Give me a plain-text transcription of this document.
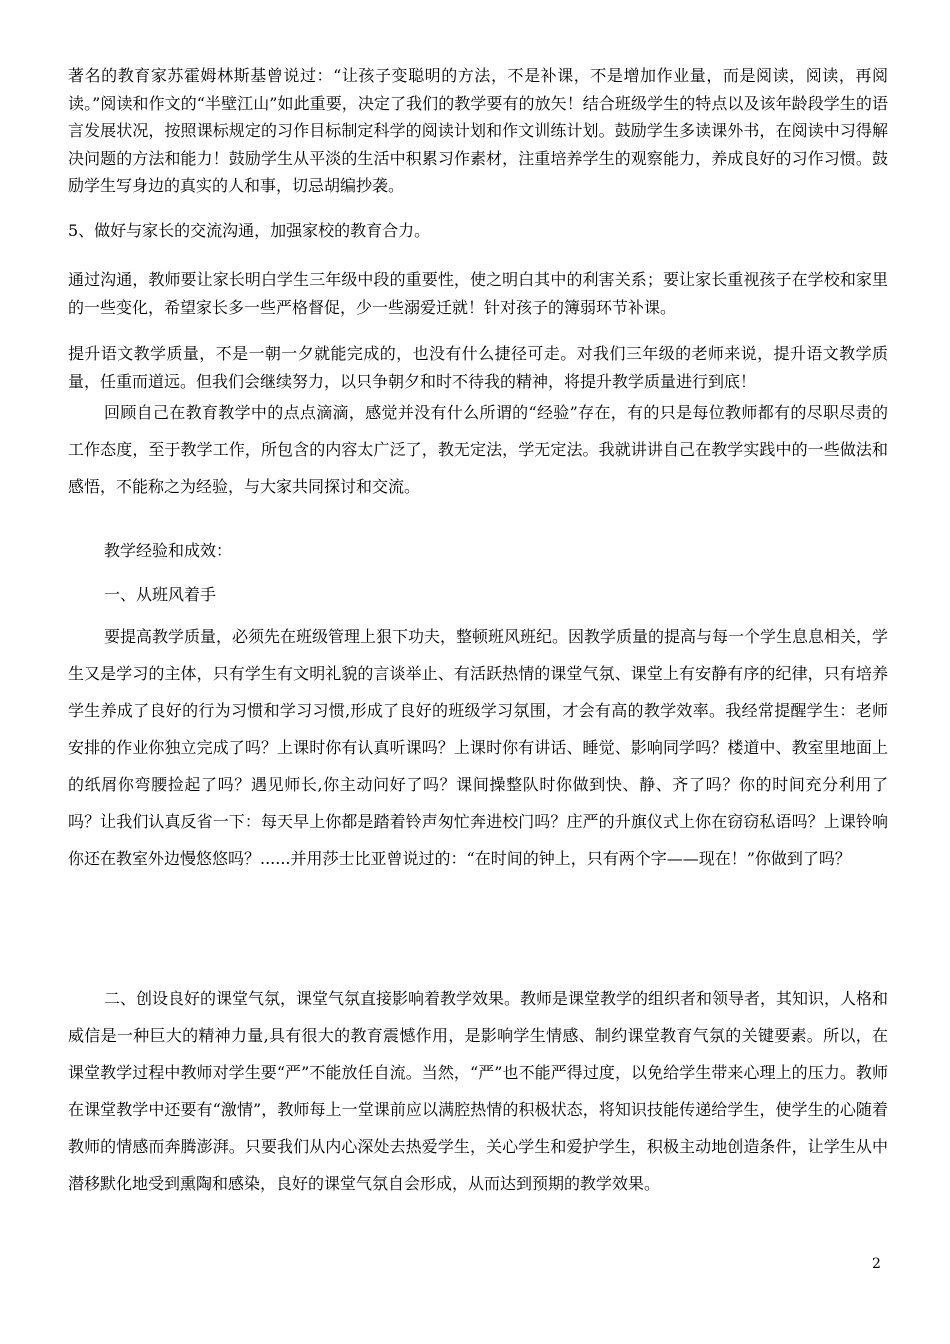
著名的教育家苏霍姆林斯基曾说过：“让孩子变聪明的方法，不是补课，不是增加作业量，而是阅读，阅读，再阅读。”阅读和作文的“半壁江山”如此重要，决定了我们的教学要有的放矢！结合班级学生的特点以及该年龄段学生的语言发展状况，按照课标规定的习作目标制定科学的阅读计划和作文训练计划。鼓励学生多读课外书，在阅读中习得解决问题的方法和能力！鼓励学生从平淡的生活中积累习作素材，注重培养学生的观察能力，养成良好的习作习惯。鼓励学生写身边的真实的人和事，切忌胡编抄袭。

5、做好与家长的交流沟通，加强家校的教育合力。

通过沟通，教师要让家长明白学生三年级中段的重要性，使之明白其中的利害关系；要让家长重视孩子在学校和家里的一些变化，希望家长多一些严格督促，少一些溺爱迁就！针对孩子的簿弱环节补课。

提升语文教学质量，不是一朝一夕就能完成的，也没有什么捷径可走。对我们三年级的老师来说，提升语文教学质量，任重而道远。但我们会继续努力，以只争朝夕和时不待我的精神，将提升教学质量进行到底！

回顾自己在教育教学中的点点滴滴，感觉并没有什么所谓的“经验”存在，有的只是每位教师都有的尽职尽责的工作态度，至于教学工作，所包含的内容太广泛了，教无定法，学无定法。我就讲讲自己在教学实践中的一些做法和感悟，不能称之为经验，与大家共同探讨和交流。

教学经验和成效：

一、从班风着手

要提高教学质量，必须先在班级管理上狠下功夫，整顿班风班纪。因教学质量的提高与每一个学生息息相关，学生又是学习的主体，只有学生有文明礼貌的言谈举止、有活跃热情的课堂气氛、课堂上有安静有序的纪律，只有培养学生养成了良好的行为习惯和学习习惯,形成了良好的班级学习氛围，才会有高的教学效率。我经常提醒学生：老师安排的作业你独立完成了吗？上课时你有认真听课吗？上课时你有讲话、睡觉、影响同学吗？楼道中、教室里地面上的纸屑你弯腰捡起了吗？遇见师长,你主动问好了吗？课间操整队时你做到快、静、齐了吗？你的时间充分利用了吗？让我们认真反省一下：每天早上你都是踏着铃声匆忙奔进校门吗？庄严的升旗仪式上你在窃窃私语吗？上课铃响你还在教室外边慢悠悠吗？......并用莎士比亚曾说过的：“在时间的钟上，只有两个字——现在！”你做到了吗？

二、创设良好的课堂气氛，课堂气氛直接影响着教学效果。教师是课堂教学的组织者和领导者，其知识，人格和威信是一种巨大的精神力量,具有很大的教育震憾作用，是影响学生情感、制约课堂教育气氛的关键要素。所以，在课堂教学过程中教师对学生要“严”不能放任自流。当然，“严”也不能严得过度，以免给学生带来心理上的压力。教师在课堂教学中还要有“激情”，教师每上一堂课前应以满腔热情的积极状态，将知识技能传递给学生，使学生的心随着教师的情感而奔腾澎湃。只要我们从内心深处去热爱学生，关心学生和爱护学生，积极主动地创造条件，让学生从中潜移默化地受到熏陶和感染，良好的课堂气氛自会形成，从而达到预期的教学效果。

2
